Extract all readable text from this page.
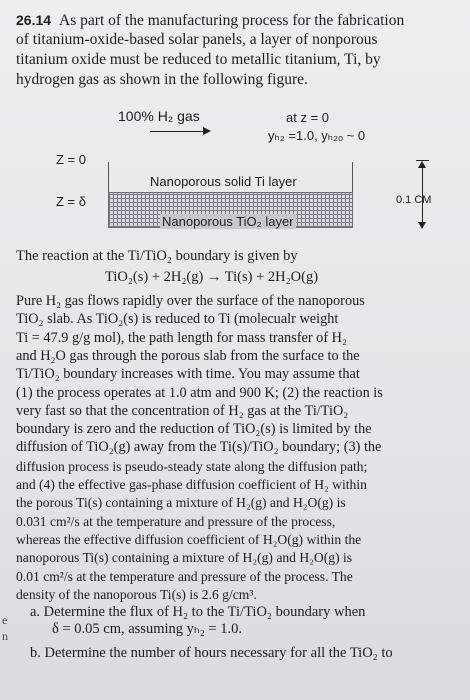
26.14 As part of the manufacturing process for the fabrication
of titanium-oxide-based solar panels, a layer of nonporous
titanium oxide must be reduced to metallic titanium, Ti, by
hydrogen gas as shown in the following figure.
100% H₂ gas	at z = 0
yₕ₂ =1.0, yₕ₂ₒ ~ 0
Z = 0
Nanoporous solid Ti layer
Z = δ
Nanoporous TiO₂ layer
0.1 CM
The reaction at the Ti/TiO₂ boundary is given by
TiO₂(s) + 2H₂(g) → Ti(s) + 2H₂O(g)
Pure H₂ gas flows rapidly over the surface of the nanoporous
TiO₂ slab. As TiO₂(s) is reduced to Ti (molecualr weight
Ti = 47.9 g/g mol), the path length for mass transfer of H₂
and H₂O gas through the porous slab from the surface to the
Ti/TiO₂ boundary increases with time. You may assume that
(1) the process operates at 1.0 atm and 900 K; (2) the reaction is
very fast so that the concentration of H₂ gas at the Ti/TiO₂
boundary is zero and the reduction of TiO₂(s) is limited by the
diffusion of TiO₂(g) away from the Ti(s)/TiO₂ boundary; (3) the
diffusion process is pseudo-steady state along the diffusion path;
and (4) the effective gas-phase diffusion coefficient of H₂ within
the porous Ti(s) containing a mixture of H₂(g) and H₂O(g) is
0.031 cm²/s at the temperature and pressure of the process,
whereas the effective diffusion coefficient of H₂O(g) within the
nanoporous Ti(s) containing a mixture of H₂(g) and H₂O(g) is
0.01 cm²/s at the temperature and pressure of the process. The
density of the nanoporous Ti(s) is 2.6 g/cm³.
a. Determine the flux of H₂ to the Ti/TiO₂ boundary when
δ = 0.05 cm, assuming yₕ₂ = 1.0.
b. Determine the number of hours necessary for all the TiO₂ to
e
n
